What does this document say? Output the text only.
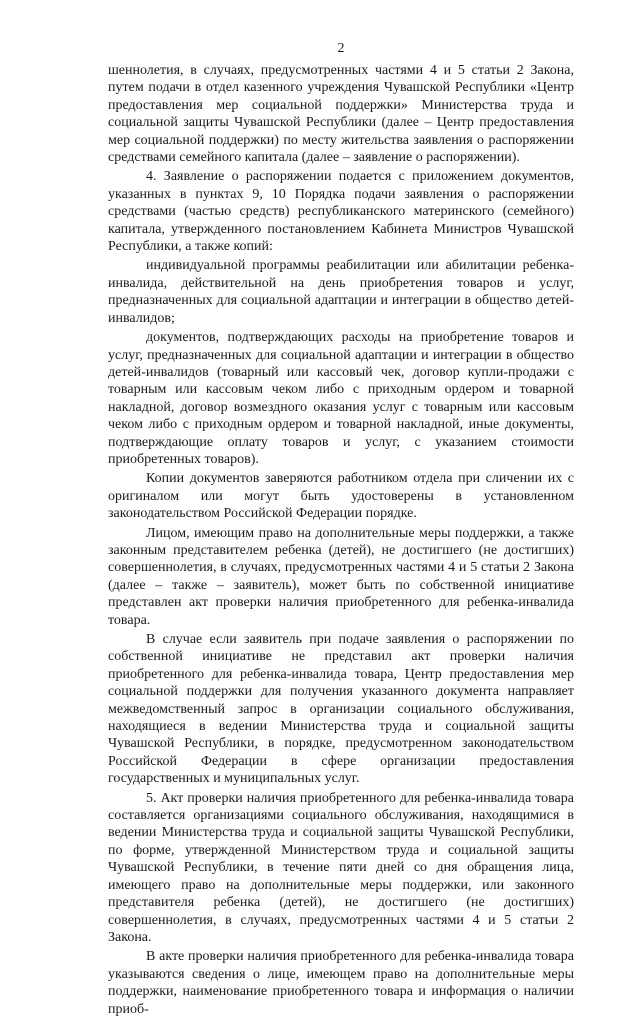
2

шеннолетия, в случаях, предусмотренных частями 4 и 5 статьи 2 Закона, путем подачи в отдел казенного учреждения Чувашской Республики «Центр предоставления мер социальной поддержки» Министерства труда и социальной защиты Чувашской Республики (далее – Центр предоставления мер социальной поддержки) по месту жительства заявления о распоряжении средствами семейного капитала (далее – заявление о распоряжении).

4. Заявление о распоряжении подается с приложением документов, указанных в пунктах 9, 10 Порядка подачи заявления о распоряжении средствами (частью средств) республиканского материнского (семейного) капитала, утвержденного постановлением Кабинета Министров Чувашской Республики, а также копий:

индивидуальной программы реабилитации или абилитации ребенка-инвалида, действительной на день приобретения товаров и услуг, предназначенных для социальной адаптации и интеграции в общество детей-инвалидов;

документов, подтверждающих расходы на приобретение товаров и услуг, предназначенных для социальной адаптации и интеграции в общество детей-инвалидов (товарный или кассовый чек, договор купли-продажи с товарным или кассовым чеком либо с приходным ордером и товарной накладной, договор возмездного оказания услуг с товарным или кассовым чеком либо с приходным ордером и товарной накладной, иные документы, подтверждающие оплату товаров и услуг, с указанием стоимости приобретенных товаров).

Копии документов заверяются работником отдела при сличении их с оригиналом или могут быть удостоверены в установленном законодательством Российской Федерации порядке.

Лицом, имеющим право на дополнительные меры поддержки, а также законным представителем ребенка (детей), не достигшего (не достигших) совершеннолетия, в случаях, предусмотренных частями 4 и 5 статьи 2 Закона (далее – также – заявитель), может быть по собственной инициативе представлен акт проверки наличия приобретенного для ребенка-инвалида товара.

В случае если заявитель при подаче заявления о распоряжении по собственной инициативе не представил акт проверки наличия приобретенного для ребенка-инвалида товара, Центр предоставления мер социальной поддержки для получения указанного документа направляет межведомственный запрос в организации социального обслуживания, находящиеся в ведении Министерства труда и социальной защиты Чувашской Республики, в порядке, предусмотренном законодательством Российской Федерации в сфере организации предоставления государственных и муниципальных услуг.

5. Акт проверки наличия приобретенного для ребенка-инвалида товара составляется организациями социального обслуживания, находящимися в ведении Министерства труда и социальной защиты Чувашской Республики, по форме, утвержденной Министерством труда и социальной защиты Чувашской Республики, в течение пяти дней со дня обращения лица, имеющего право на дополнительные меры поддержки, или законного представителя ребенка (детей), не достигшего (не достигших) совершеннолетия, в случаях, предусмотренных частями 4 и 5 статьи 2 Закона.

В акте проверки наличия приобретенного для ребенка-инвалида товара указываются сведения о лице, имеющем право на дополнительные меры поддержки, наименование приобретенного товара и информация о наличии приоб-
